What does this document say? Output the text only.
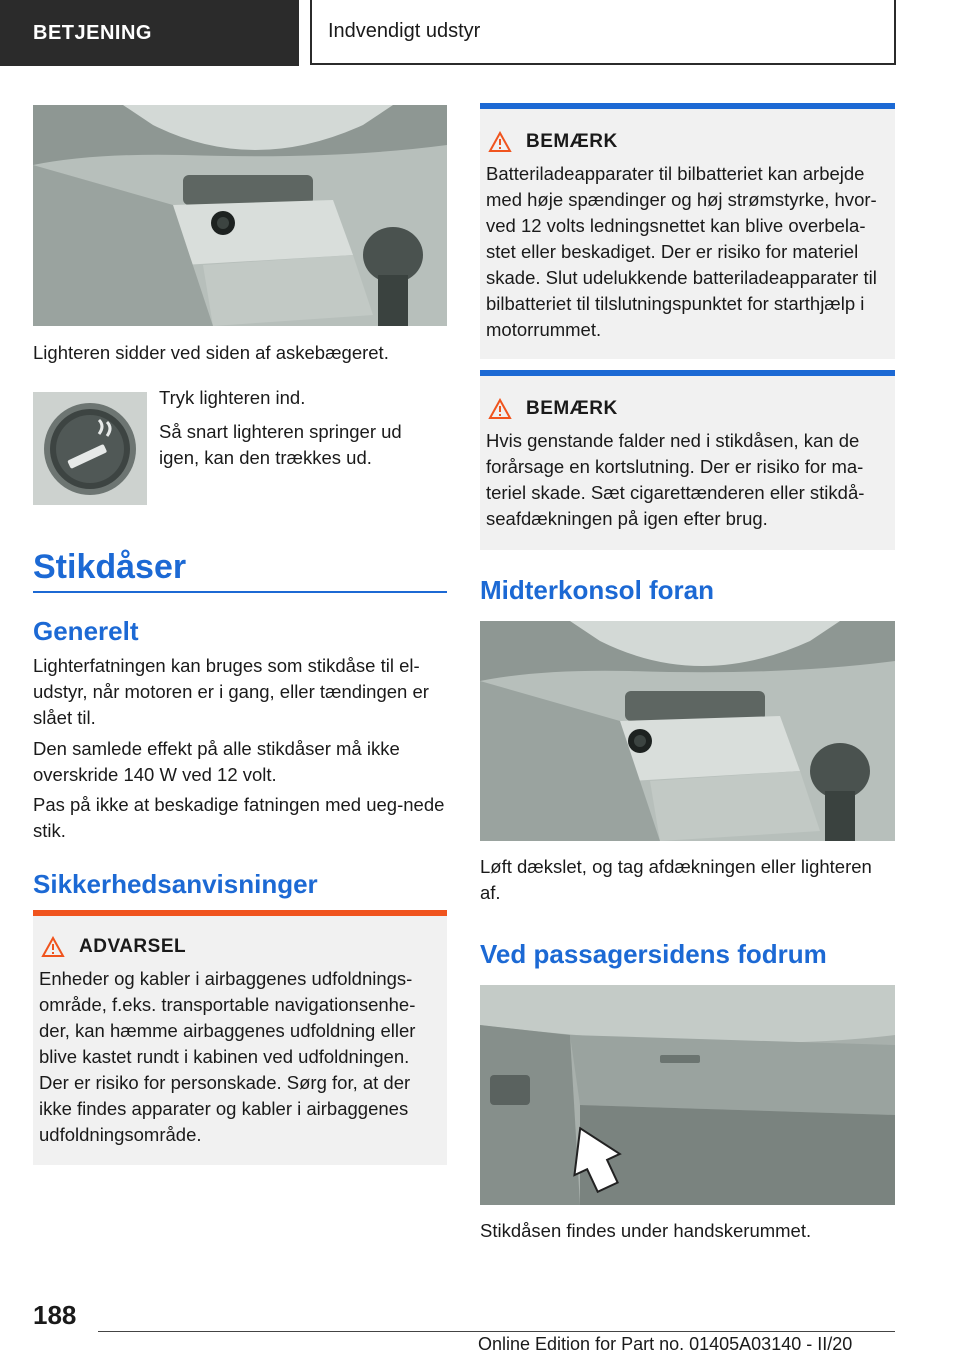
BETJENING	Indvendigt udstyr
Lighteren sidder ved siden af askebægeret.
Tryk lighteren ind.
Så snart lighteren springer ud igen, kan den trækkes ud.
Stikdåser
Generelt
Lighterfatningen kan bruges som stikdåse til el-udstyr, når motoren er i gang, eller tændingen er slået til.
Den samlede effekt på alle stikdåser må ikke overskride 140 W ved 12 volt.
Pas på ikke at beskadige fatningen med ueg-nede stik.
Sikkerhedsanvisninger
ADVARSEL
Enheder og kabler i airbaggenes udfoldnings-område, f.eks. transportable navigationsenhe-der, kan hæmme airbaggenes udfoldning eller blive kastet rundt i kabinen ved udfoldningen. Der er risiko for personskade. Sørg for, at der ikke findes apparater og kabler i airbaggenes udfoldningsområde.
BEMÆRK
Batteriladeapparater til bilbatteriet kan arbejde med høje spændinger og høj strømstyrke, hvor-ved 12 volts ledningsnettet kan blive overbela-stet eller beskadiget. Der er risiko for materiel skade. Slut udelukkende batteriladeapparater til bilbatteriet til tilslutningspunktet for starthjælp i motorrummet.
BEMÆRK
Hvis genstande falder ned i stikdåsen, kan de forårsage en kortslutning. Der er risiko for ma-teriel skade. Sæt cigarettænderen eller stikdå-seafdækningen på igen efter brug.
Midterkonsol foran
Løft dækslet, og tag afdækningen eller lighteren af.
Ved passagersidens fodrum
Stikdåsen findes under handskerummet.
188
Online Edition for Part no. 01405A03140 - II/20
